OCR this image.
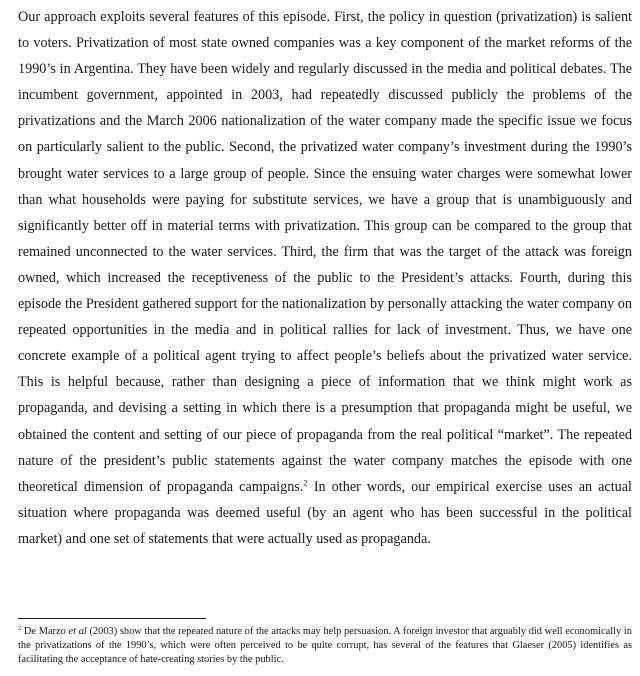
Our approach exploits several features of this episode. First, the policy in question (privatization) is salient to voters. Privatization of most state owned companies was a key component of the market reforms of the 1990’s in Argentina. They have been widely and regularly discussed in the media and political debates. The incumbent government, appointed in 2003, had repeatedly discussed publicly the problems of the privatizations and the March 2006 nationalization of the water company made the specific issue we focus on particularly salient to the public. Second, the privatized water company’s investment during the 1990’s brought water services to a large group of people. Since the ensuing water charges were somewhat lower than what households were paying for substitute services, we have a group that is unambiguously and significantly better off in material terms with privatization. This group can be compared to the group that remained unconnected to the water services. Third, the firm that was the target of the attack was foreign owned, which increased the receptiveness of the public to the President’s attacks. Fourth, during this episode the President gathered support for the nationalization by personally attacking the water company on repeated opportunities in the media and in political rallies for lack of investment. Thus, we have one concrete example of a political agent trying to affect people’s beliefs about the privatized water service. This is helpful because, rather than designing a piece of information that we think might work as propaganda, and devising a setting in which there is a presumption that propaganda might be useful, we obtained the content and setting of our piece of propaganda from the real political “market”. The repeated nature of the president’s public statements against the water company matches the episode with one theoretical dimension of propaganda campaigns.$^2$ In other words, our empirical exercise uses an actual situation where propaganda was deemed useful (by an agent who has been successful in the political market) and one set of statements that were actually used as propaganda.

$^2$ De Marzo et al (2003) show that the repeated nature of the attacks may help persuasion. A foreign investor that arguably did well economically in the privatizations of the 1990’s, which were often perceived to be quite corrupt, has several of the features that Glaeser (2005) identifies as facilitating the acceptance of hate-creating stories by the public.
